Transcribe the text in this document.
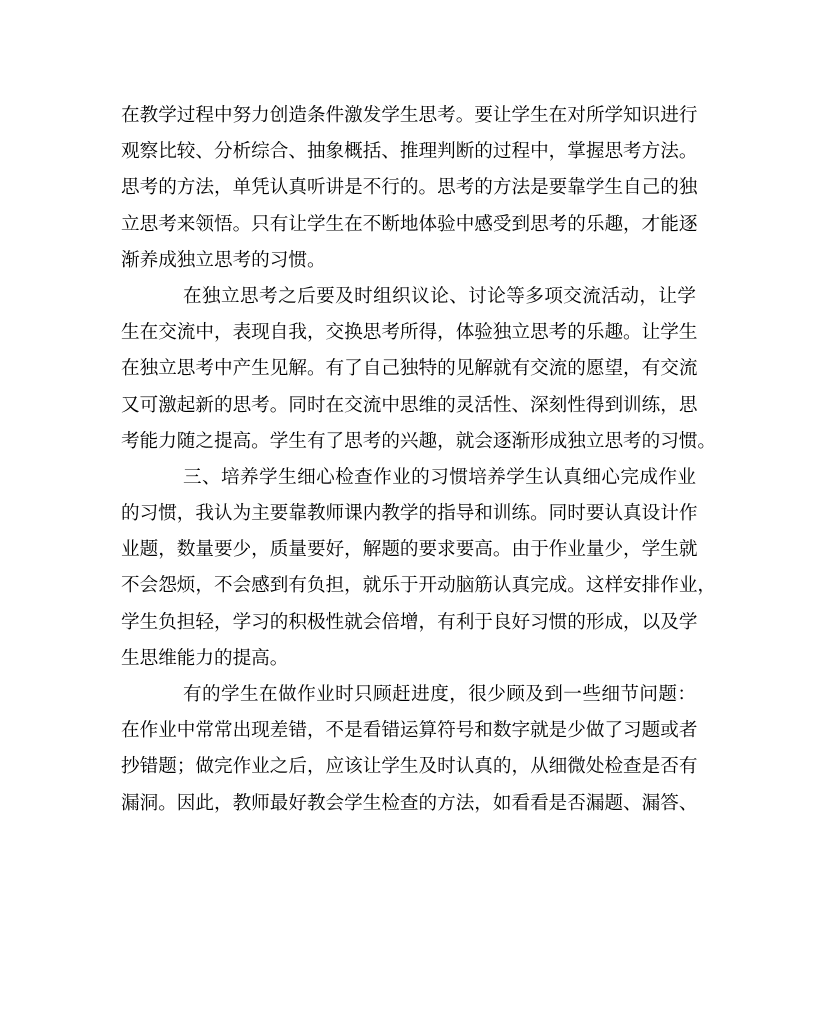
在教学过程中努力创造条件激发学生思考。要让学生在对所学知识进行
观察比较、分析综合、抽象概括、推理判断的过程中，掌握思考方法。
思考的方法，单凭认真听讲是不行的。思考的方法是要靠学生自己的独
立思考来领悟。只有让学生在不断地体验中感受到思考的乐趣，才能逐
渐养成独立思考的习惯。
在独立思考之后要及时组织议论、讨论等多项交流活动，让学
生在交流中，表现自我，交换思考所得，体验独立思考的乐趣。让学生
在独立思考中产生见解。有了自己独特的见解就有交流的愿望，有交流
又可激起新的思考。同时在交流中思维的灵活性、深刻性得到训练，思
考能力随之提高。学生有了思考的兴趣，就会逐渐形成独立思考的习惯。
三、培养学生细心检查作业的习惯培养学生认真细心完成作业
的习惯，我认为主要靠教师课内教学的指导和训练。同时要认真设计作
业题，数量要少，质量要好，解题的要求要高。由于作业量少，学生就
不会怨烦，不会感到有负担，就乐于开动脑筋认真完成。这样安排作业，
学生负担轻，学习的积极性就会倍增，有利于良好习惯的形成，以及学
生思维能力的提高。
有的学生在做作业时只顾赶进度，很少顾及到一些细节问题：
在作业中常常出现差错，不是看错运算符号和数字就是少做了习题或者
抄错题；做完作业之后，应该让学生及时认真的，从细微处检查是否有
漏洞。因此，教师最好教会学生检查的方法，如看看是否漏题、漏答、
